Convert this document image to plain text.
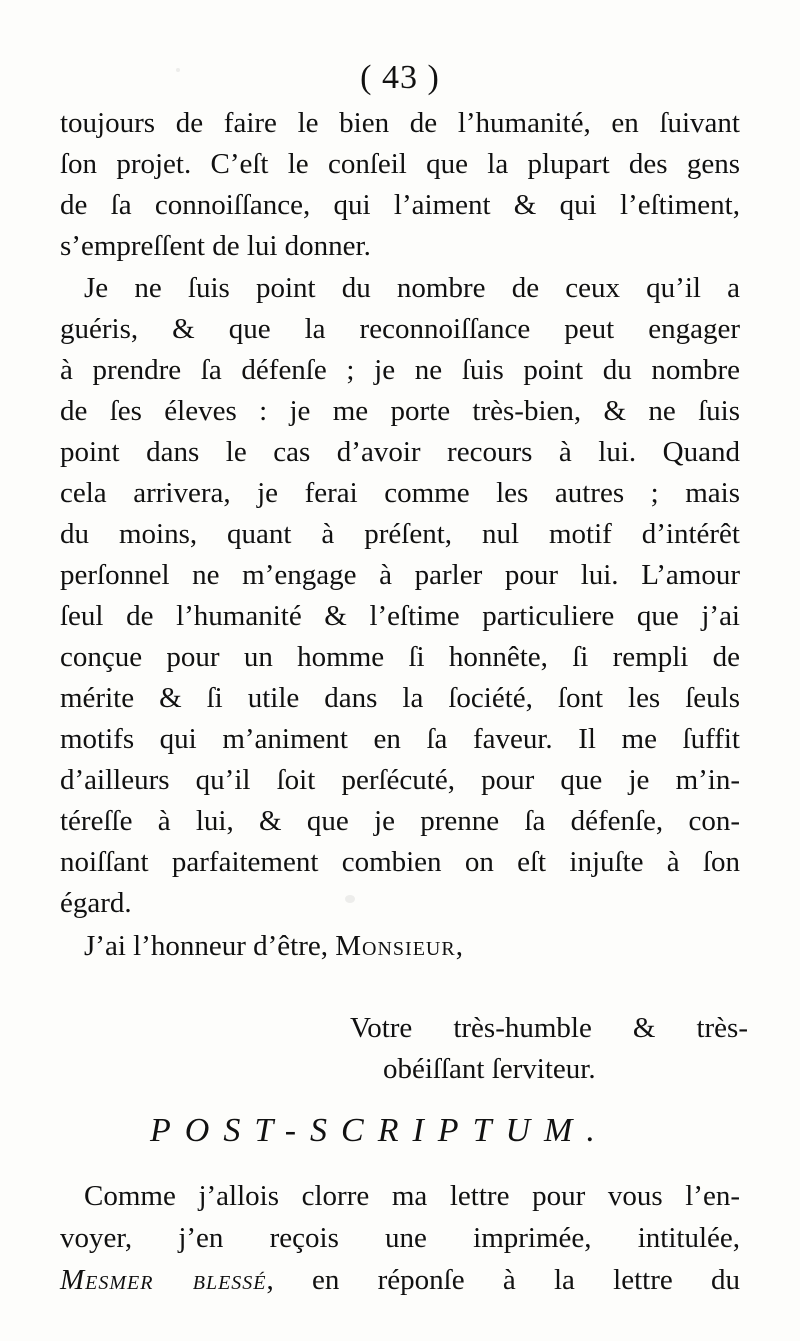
( 43 )
toujours de faire le bien de l’humanité, en ſuivant
ſon projet. C’eſt le conſeil que la plupart des gens
de ſa connoiſſance, qui l’aiment & qui l’eſtiment,
s’empreſſent de lui donner.
Je ne ſuis point du nombre de ceux qu’il a
guéris, & que la reconnoiſſance peut engager
à prendre ſa défenſe ; je ne ſuis point du nombre
de ſes éleves : je me porte très-bien, & ne ſuis
point dans le cas d’avoir recours à lui. Quand
cela arrivera, je ferai comme les autres ; mais
du moins, quant à préſent, nul motif d’intérêt
perſonnel ne m’engage à parler pour lui. L’amour
ſeul de l’humanité & l’eſtime particuliere que j’ai
conçue pour un homme ſi honnête, ſi rempli de
mérite & ſi utile dans la ſociété, ſont les ſeuls
motifs qui m’animent en ſa faveur. Il me ſuffit
d’ailleurs qu’il ſoit perſécuté, pour que je m’in-
téreſſe à lui, & que je prenne ſa défenſe, con-
noiſſant parfaitement combien on eſt injuſte à ſon
égard.
J’ai l’honneur d’être, Monsieur,
Votre très-humble & très-
obéiſſant ſerviteur.
POST-SCRIPTUM.
Comme j’allois clorre ma lettre pour vous l’en-
voyer, j’en reçois une imprimée, intitulée,
Mesmer blessé, en réponſe à la lettre du
